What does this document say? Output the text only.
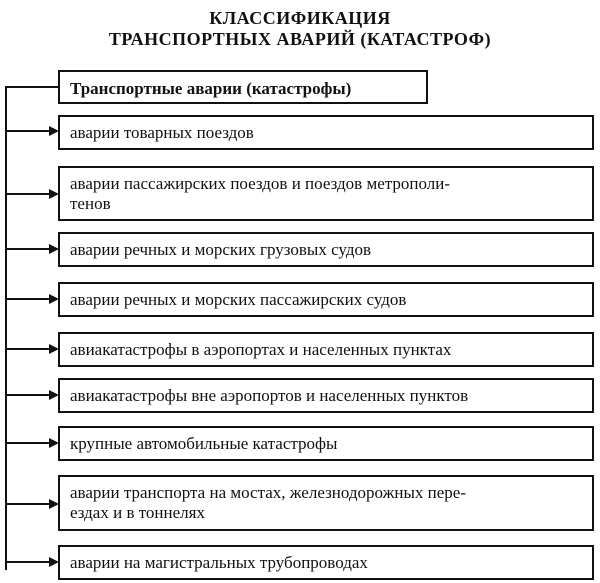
КЛАССИФИКАЦИЯ
ТРАНСПОРТНЫХ АВАРИЙ (КАТАСТРОФ)
Транспортные аварии (катастрофы)
аварии товарных поездов
аварии пассажирских поездов и поездов метрополи-
тенов
аварии речных и морских грузовых судов
аварии речных и морских пассажирских судов
авиакатастрофы в аэропортах и населенных пунктах
авиакатастрофы вне аэропортов и населенных пунктов
крупные автомобильные катастрофы
аварии транспорта на мостах, железнодорожных пере-
ездах и в тоннелях
аварии на магистральных трубопроводах
